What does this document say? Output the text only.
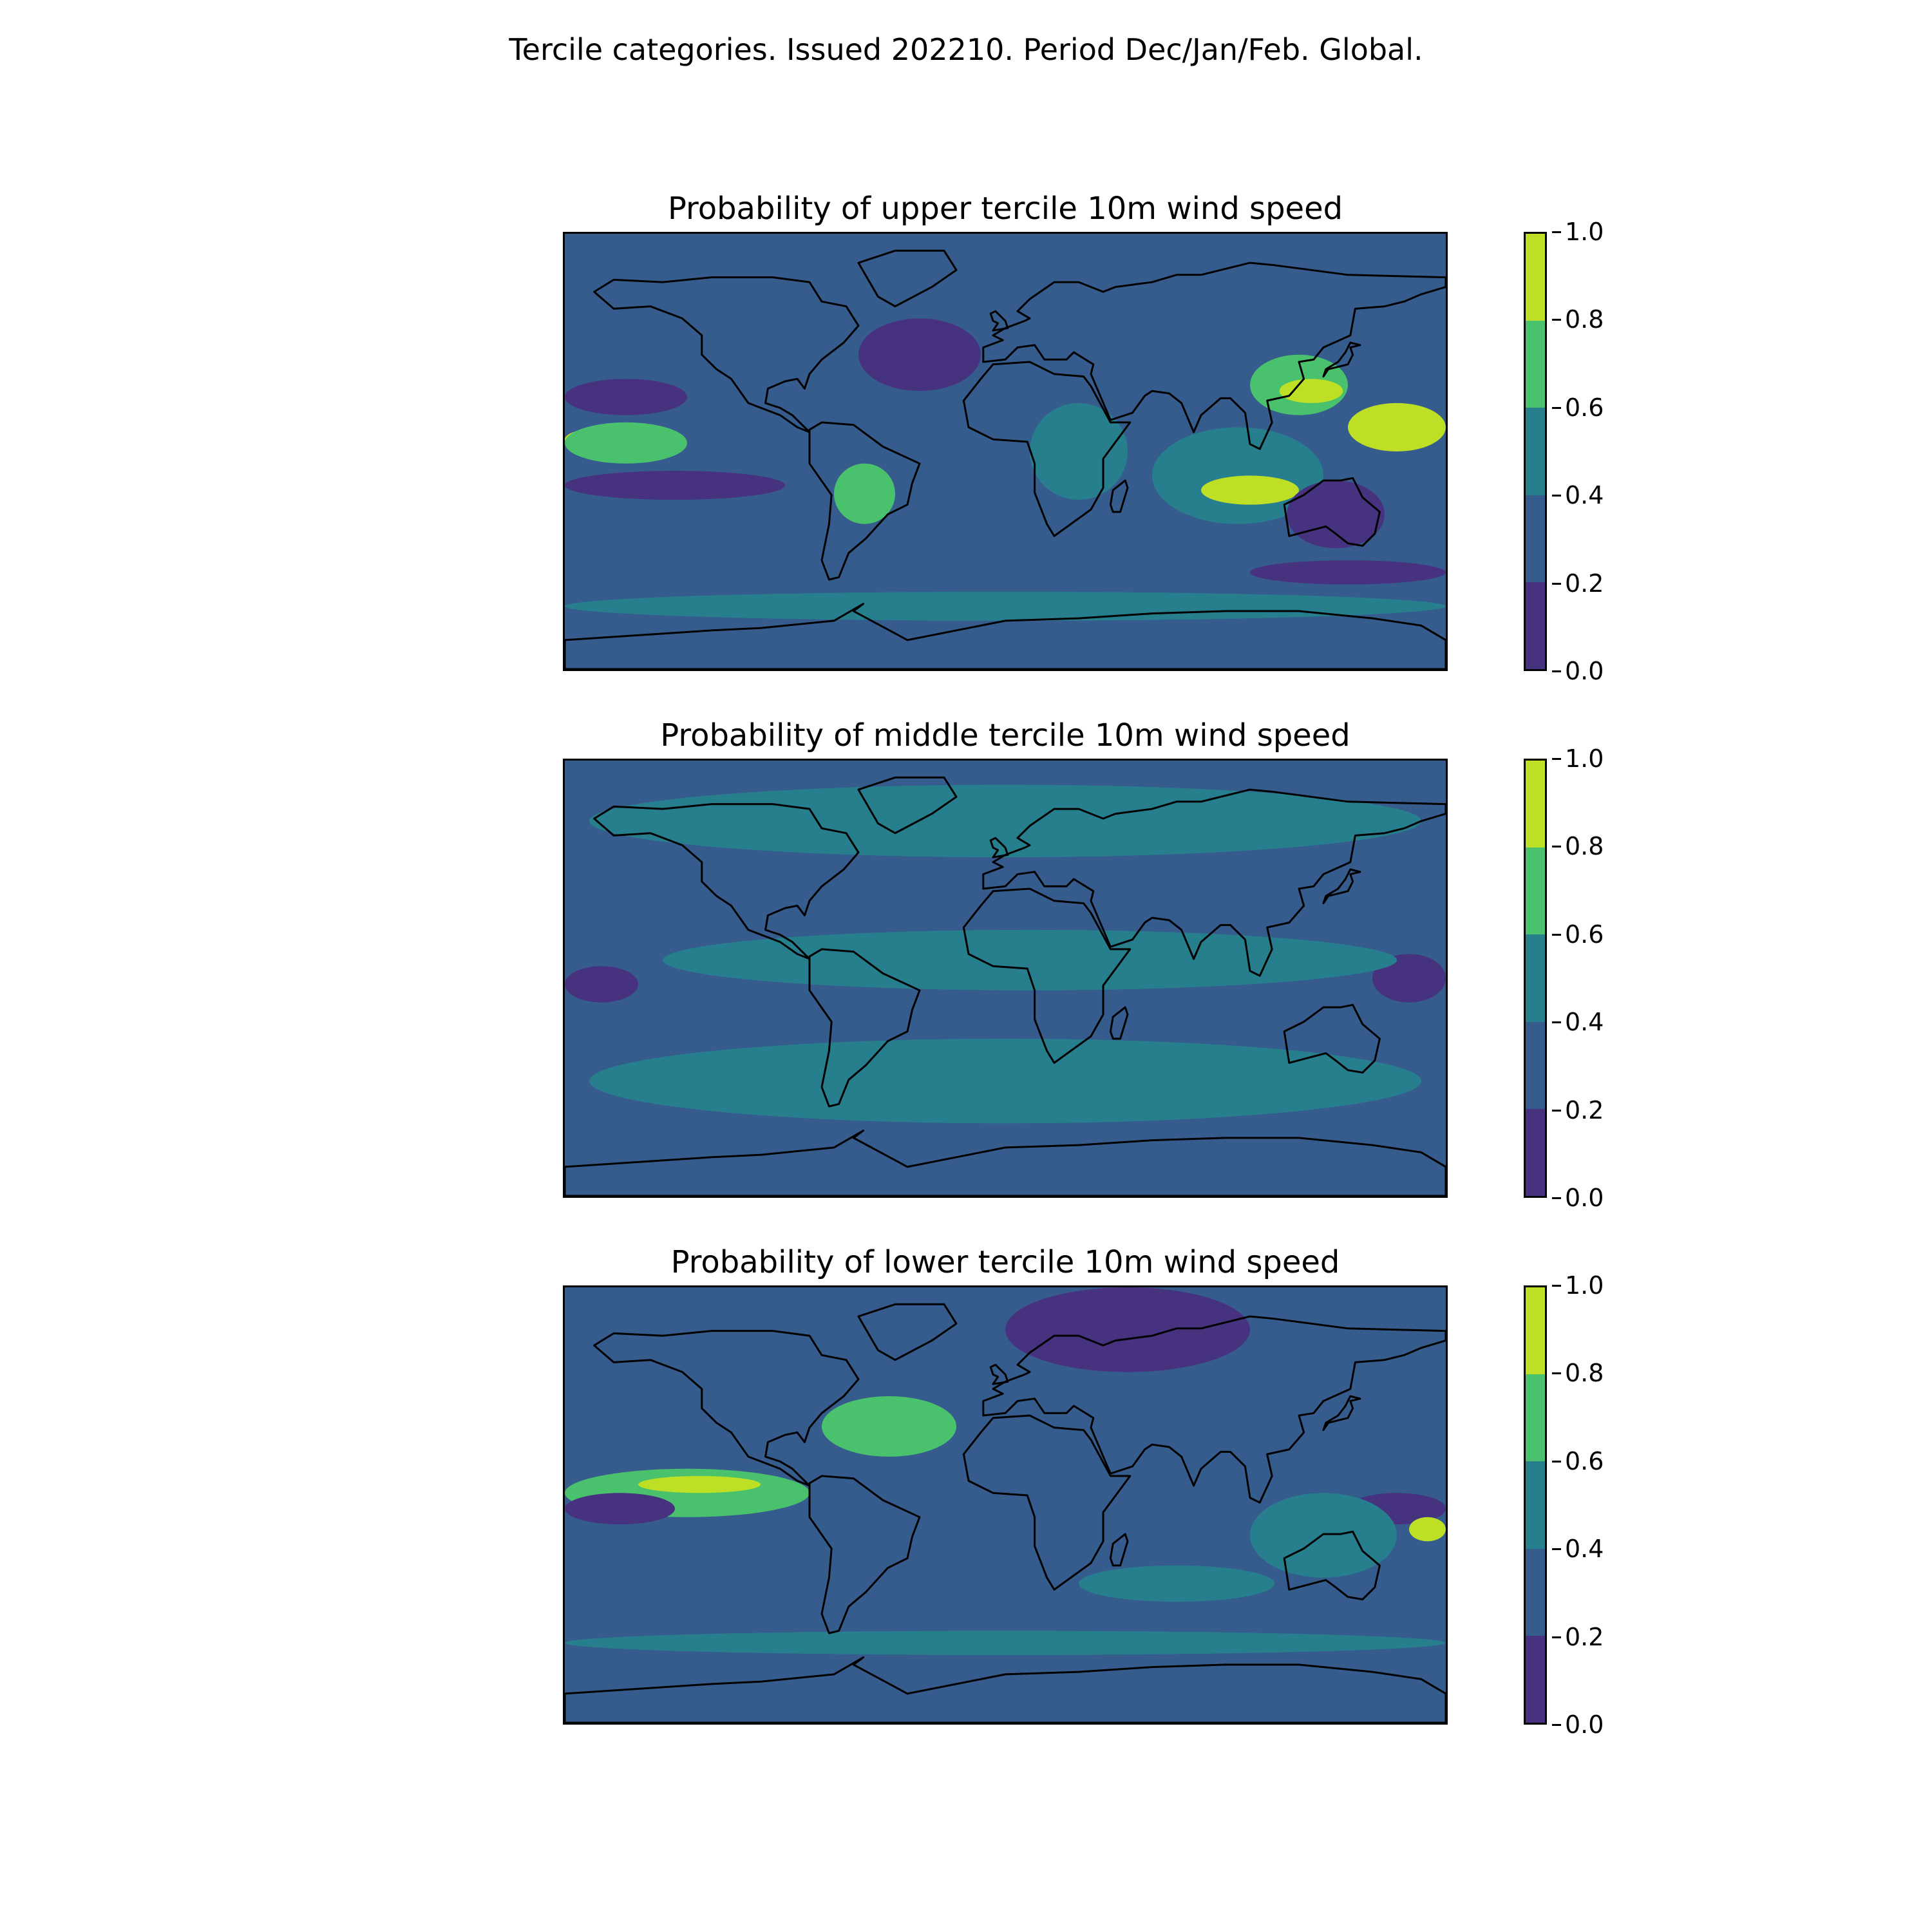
Tercile categories. Issued 202210. Period Dec/Jan/Feb. Global.
Probability of upper tercile 10m wind speed
0.0
0.2
0.4
0.6
0.8
1.0
Probability of middle tercile 10m wind speed
0.0
0.2
0.4
0.6
0.8
1.0
Probability of lower tercile 10m wind speed
0.0
0.2
0.4
0.6
0.8
1.0
